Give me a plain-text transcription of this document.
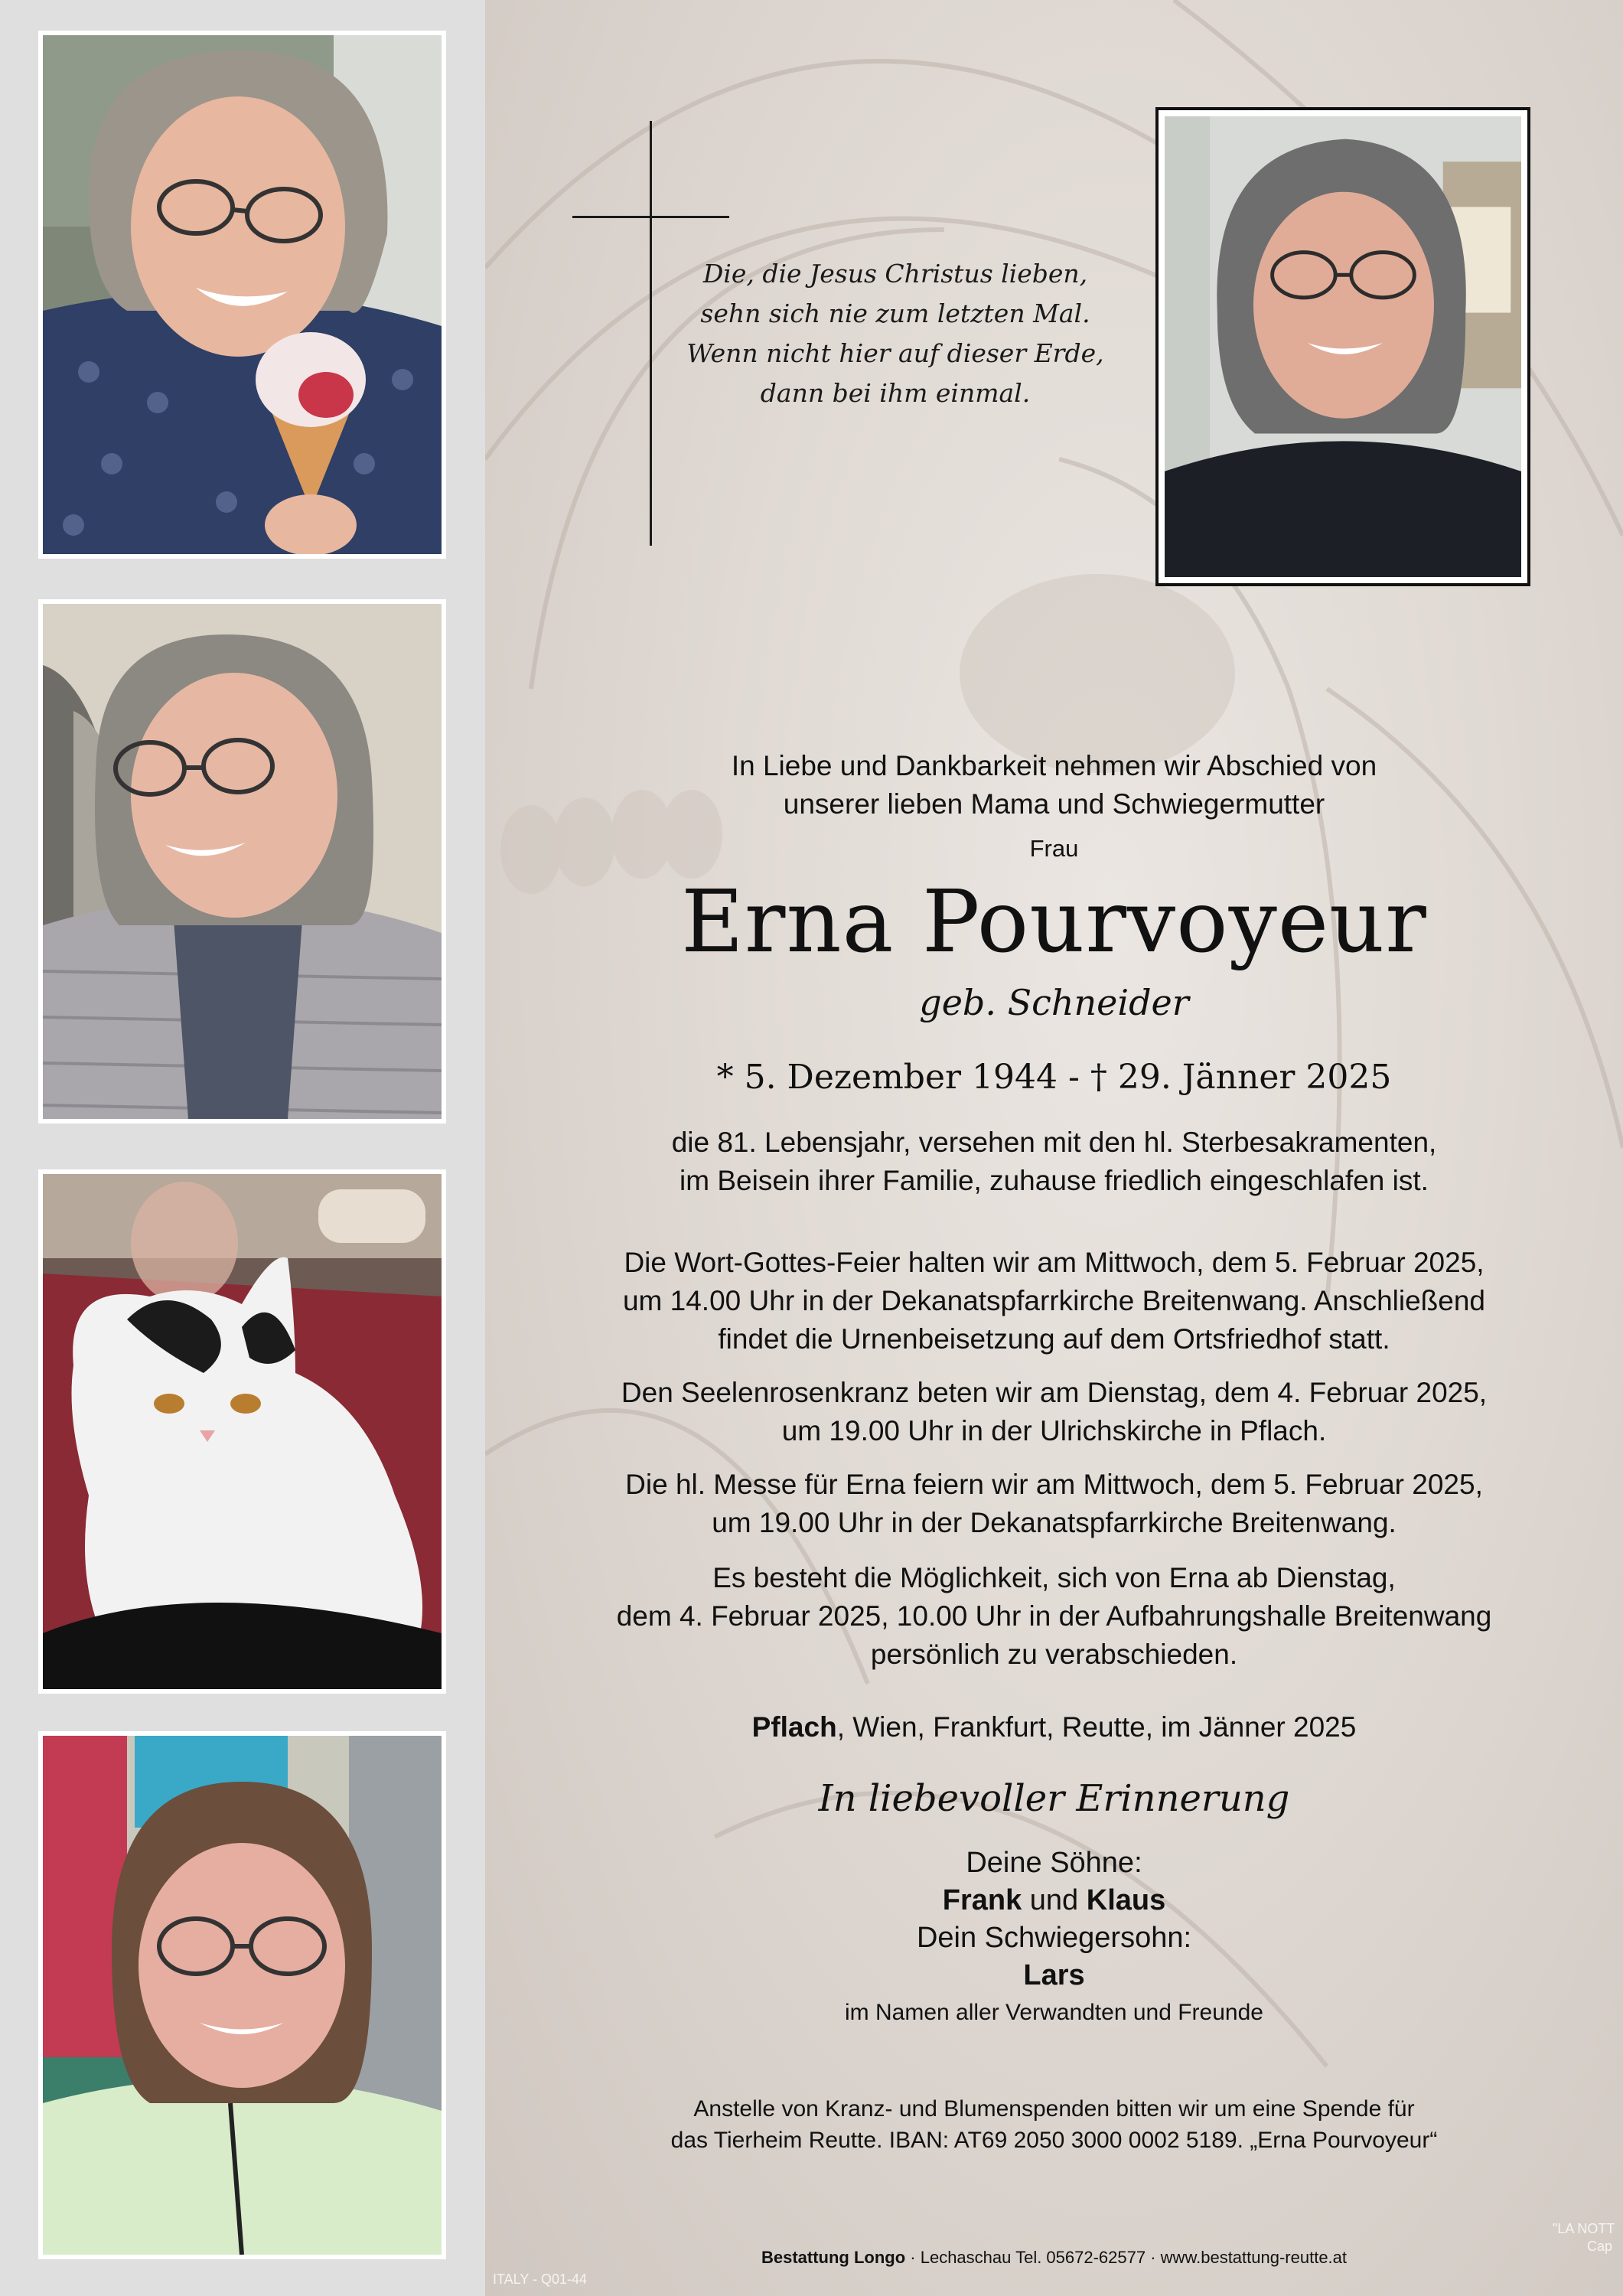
ITALY - Q01-44
"LA NOTT
Cap
Die, die Jesus Christus lieben,
sehn sich nie zum letzten Mal.
Wenn nicht hier auf dieser Erde,
dann bei ihm einmal.
In Liebe und Dankbarkeit nehmen wir Abschied von
unserer lieben Mama und Schwiegermutter
Frau
Erna Pourvoyeur
geb. Schneider
* 5. Dezember 1944 - † 29. Jänner 2025
die 81. Lebensjahr, versehen mit den hl. Sterbesakramenten,
im Beisein ihrer Familie, zuhause friedlich eingeschlafen ist.
Die Wort-Gottes-Feier halten wir am Mittwoch, dem 5. Februar 2025,
um 14.00 Uhr in der Dekanatspfarrkirche Breitenwang. Anschließend
findet die Urnenbeisetzung auf dem Ortsfriedhof statt.
Den Seelenrosenkranz beten wir am Dienstag, dem 4. Februar 2025,
um 19.00 Uhr in der Ulrichskirche in Pflach.
Die hl. Messe für Erna feiern wir am Mittwoch, dem 5. Februar 2025,
um 19.00 Uhr in der Dekanatspfarrkirche Breitenwang.
Es besteht die Möglichkeit, sich von Erna ab Dienstag,
dem 4. Februar 2025, 10.00 Uhr in der Aufbahrungshalle Breitenwang
persönlich zu verabschieden.
Pflach, Wien, Frankfurt, Reutte, im Jänner 2025
In liebevoller Erinnerung
Deine Söhne:
Frank und Klaus
Dein Schwiegersohn:
Lars
im Namen aller Verwandten und Freunde
Anstelle von Kranz- und Blumenspenden bitten wir um eine Spende für
das Tierheim Reutte. IBAN: AT69 2050 3000 0002 5189. „Erna Pourvoyeur“
Bestattung Longo · Lechaschau Tel. 05672-62577 · www.bestattung-reutte.at
